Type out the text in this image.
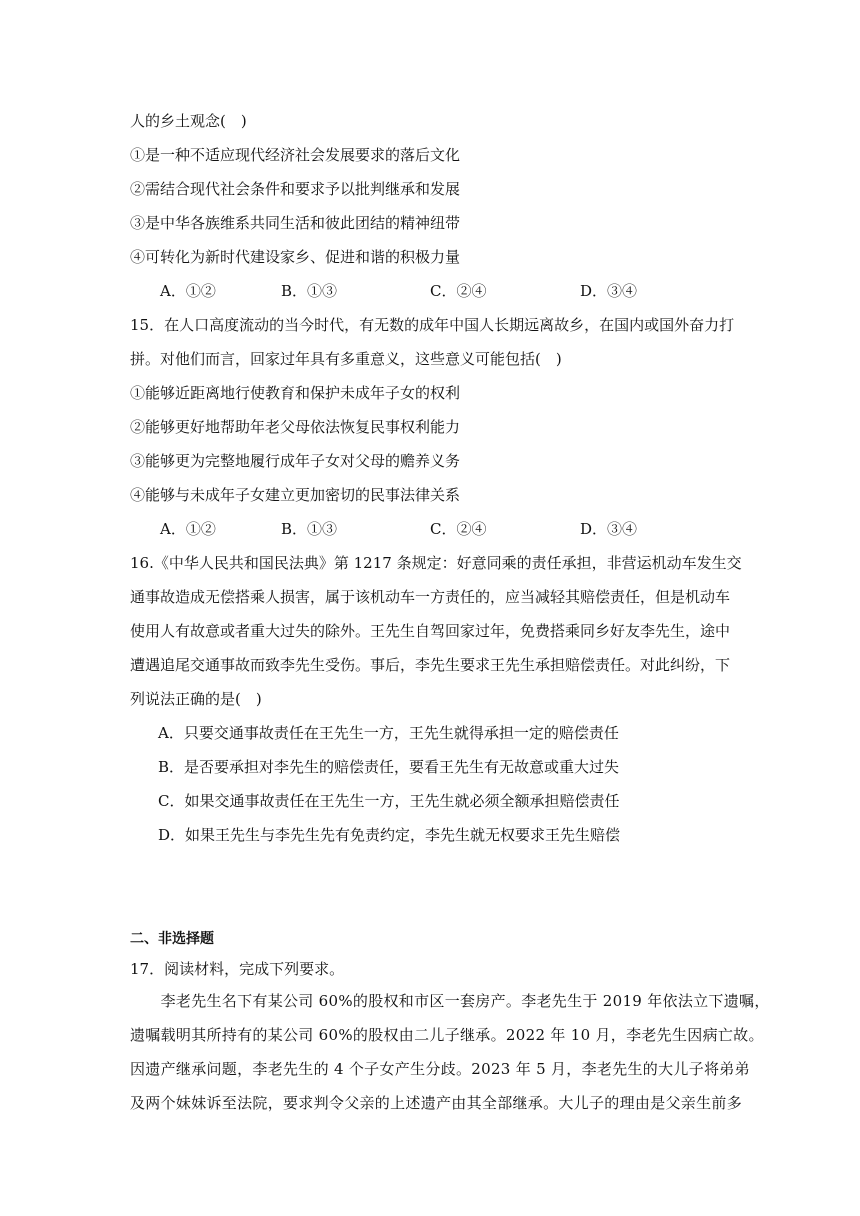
人的乡土观念(　)
①是一种不适应现代经济社会发展要求的落后文化
②需结合现代社会条件和要求予以批判继承和发展
③是中华各族维系共同生活和彼此团结的精神纽带
④可转化为新时代建设家乡、促进和谐的积极力量
A．①②	B．①③	C．②④	D．③④
15．在人口高度流动的当今时代，有无数的成年中国人长期远离故乡，在国内或国外奋力打
拼。对他们而言，回家过年具有多重意义，这些意义可能包括(　)
①能够近距离地行使教育和保护未成年子女的权利
②能够更好地帮助年老父母依法恢复民事权利能力
③能够更为完整地履行成年子女对父母的赡养义务
④能够与未成年子女建立更加密切的民事法律关系
A．①②	B．①③	C．②④	D．③④
16.《中华人民共和国民法典》第 1217 条规定：好意同乘的责任承担，非营运机动车发生交
通事故造成无偿搭乘人损害，属于该机动车一方责任的，应当减轻其赔偿责任，但是机动车
使用人有故意或者重大过失的除外。王先生自驾回家过年，免费搭乘同乡好友李先生，途中
遭遇追尾交通事故而致李先生受伤。事后，李先生要求王先生承担赔偿责任。对此纠纷，下
列说法正确的是(　)
A．只要交通事故责任在王先生一方，王先生就得承担一定的赔偿责任
B．是否要承担对李先生的赔偿责任，要看王先生有无故意或重大过失
C．如果交通事故责任在王先生一方，王先生就必须全额承担赔偿责任
D．如果王先生与李先生先有免责约定，李先生就无权要求王先生赔偿
二、非选择题
17．阅读材料，完成下列要求。
　　李老先生名下有某公司 60%的股权和市区一套房产。李老先生于 2019 年依法立下遗嘱，
遗嘱载明其所持有的某公司 60%的股权由二儿子继承。2022 年 10 月，李老先生因病亡故。
因遗产继承问题，李老先生的 4 个子女产生分歧。2023 年 5 月，李老先生的大儿子将弟弟
及两个妹妹诉至法院，要求判令父亲的上述遗产由其全部继承。大儿子的理由是父亲生前多
